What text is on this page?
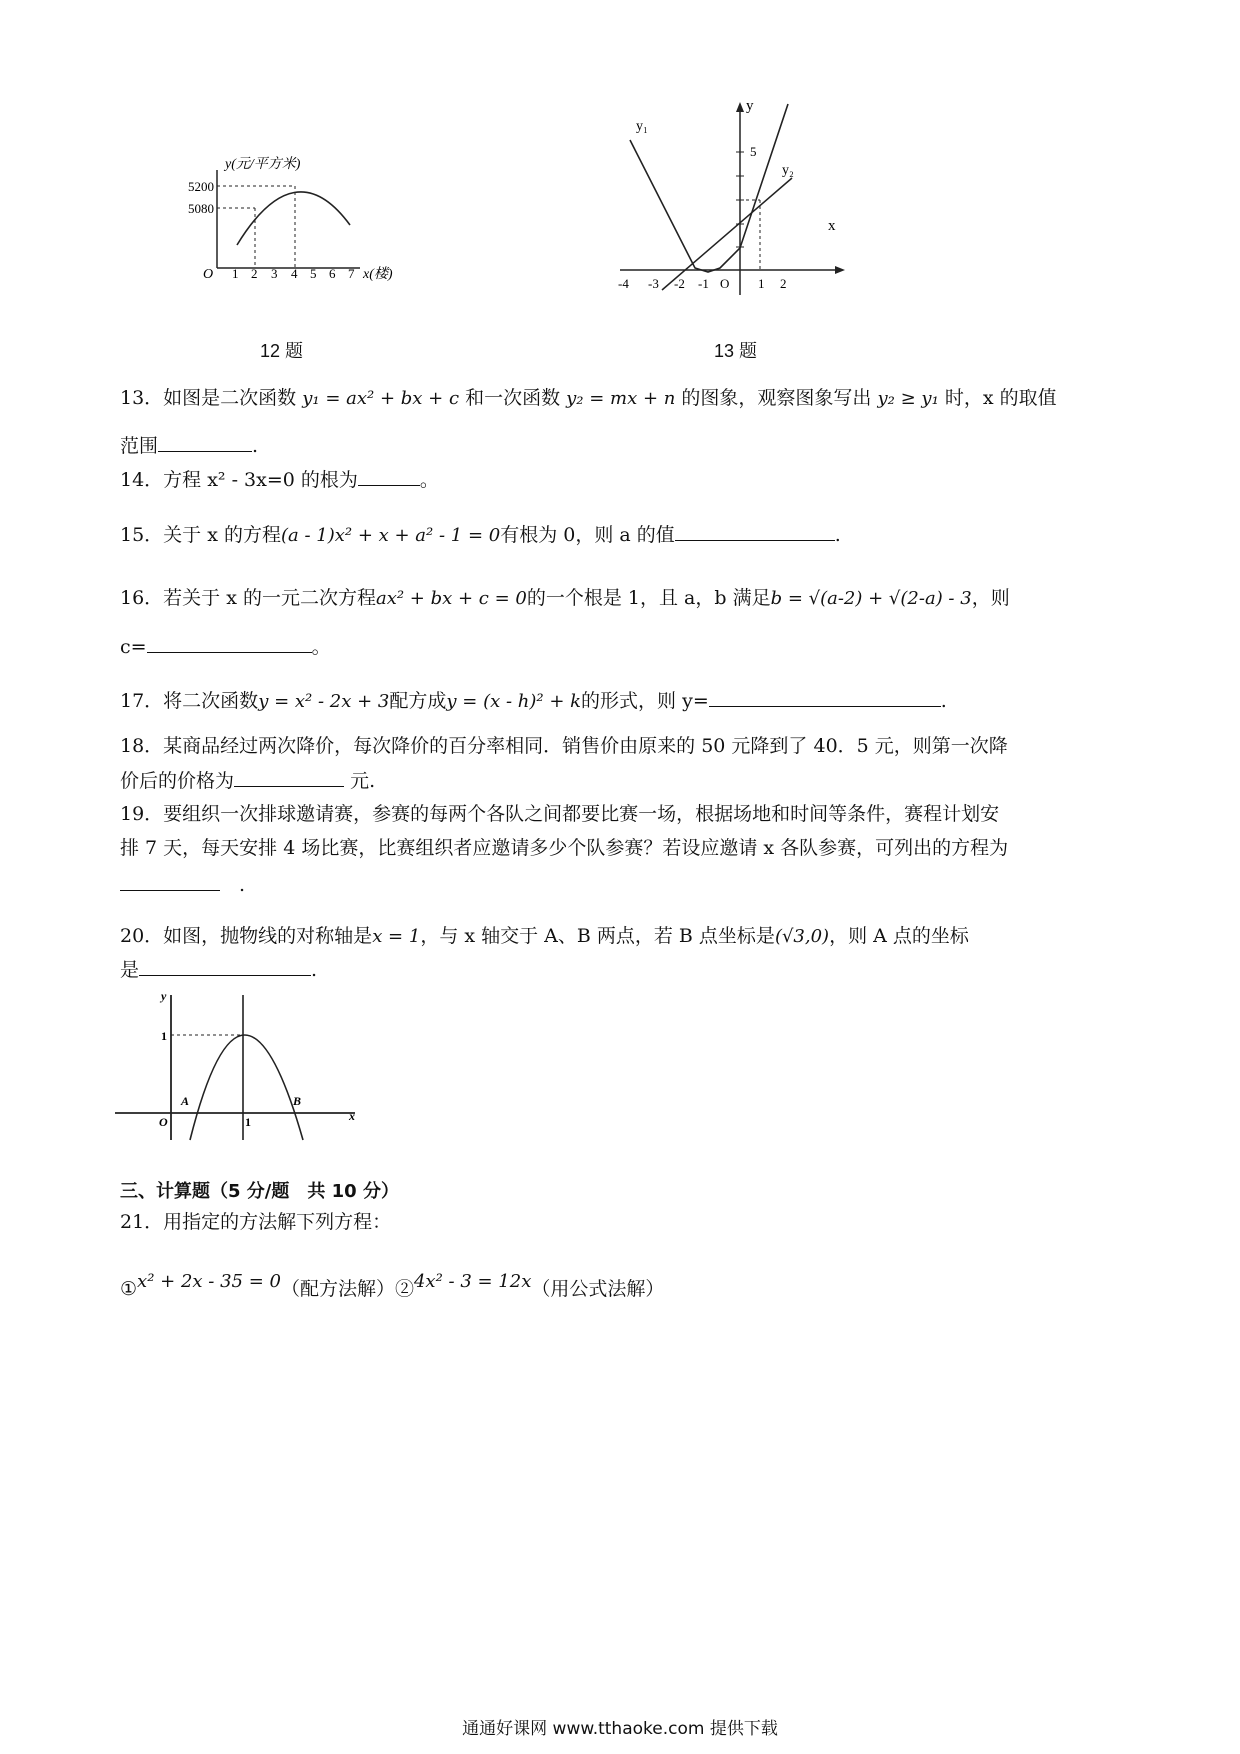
y(元/平方米)
5200
5080
O 1 2 3 4 5 6 7 x(楼)
12 题
y
x
y₁
y₂
5
-4 -3 -2 -1 O 1 2
13 题
13．如图是二次函数 y₁ = ax² + bx + c 和一次函数 y₂ = mx + n 的图象，观察图象写出 y₂ ≥ y₁ 时，x 的取值
范围	.
14．方程 x² - 3x=0 的根为	。
15．关于 x 的方程(a - 1)x² + x + a² - 1 = 0有根为 0，则 a 的值	.
16．若关于 x 的一元二次方程ax² + bx + c = 0的一个根是 1，且 a，b 满足b = √(a-2) + √(2-a) - 3，则
c=	。
17．将二次函数y = x² - 2x + 3配方成y = (x - h)² + k的形式，则 y=	.
18．某商品经过两次降价，每次降价的百分率相同．销售价由原来的 50 元降到了 40．5 元，则第一次降
价后的价格为	元.
19．要组织一次排球邀请赛，参赛的每两个各队之间都要比赛一场，根据场地和时间等条件，赛程计划安
排 7 天，每天安排 4 场比赛，比赛组织者应邀请多少个队参赛？若设应邀请 x 各队参赛，可列出的方程为
　.
20．如图，抛物线的对称轴是x = 1，与 x 轴交于 A、B 两点，若 B 点坐标是(√3,0)，则 A 点的坐标
是	.
y
x
O
1
1
A	B
三、计算题（5 分/题　共 10 分）
21．用指定的方法解下列方程：
①x² + 2x - 35 = 0（配方法解）②4x² - 3 = 12x（用公式法解）
通通好课网 www.tthaoke.com 提供下载
